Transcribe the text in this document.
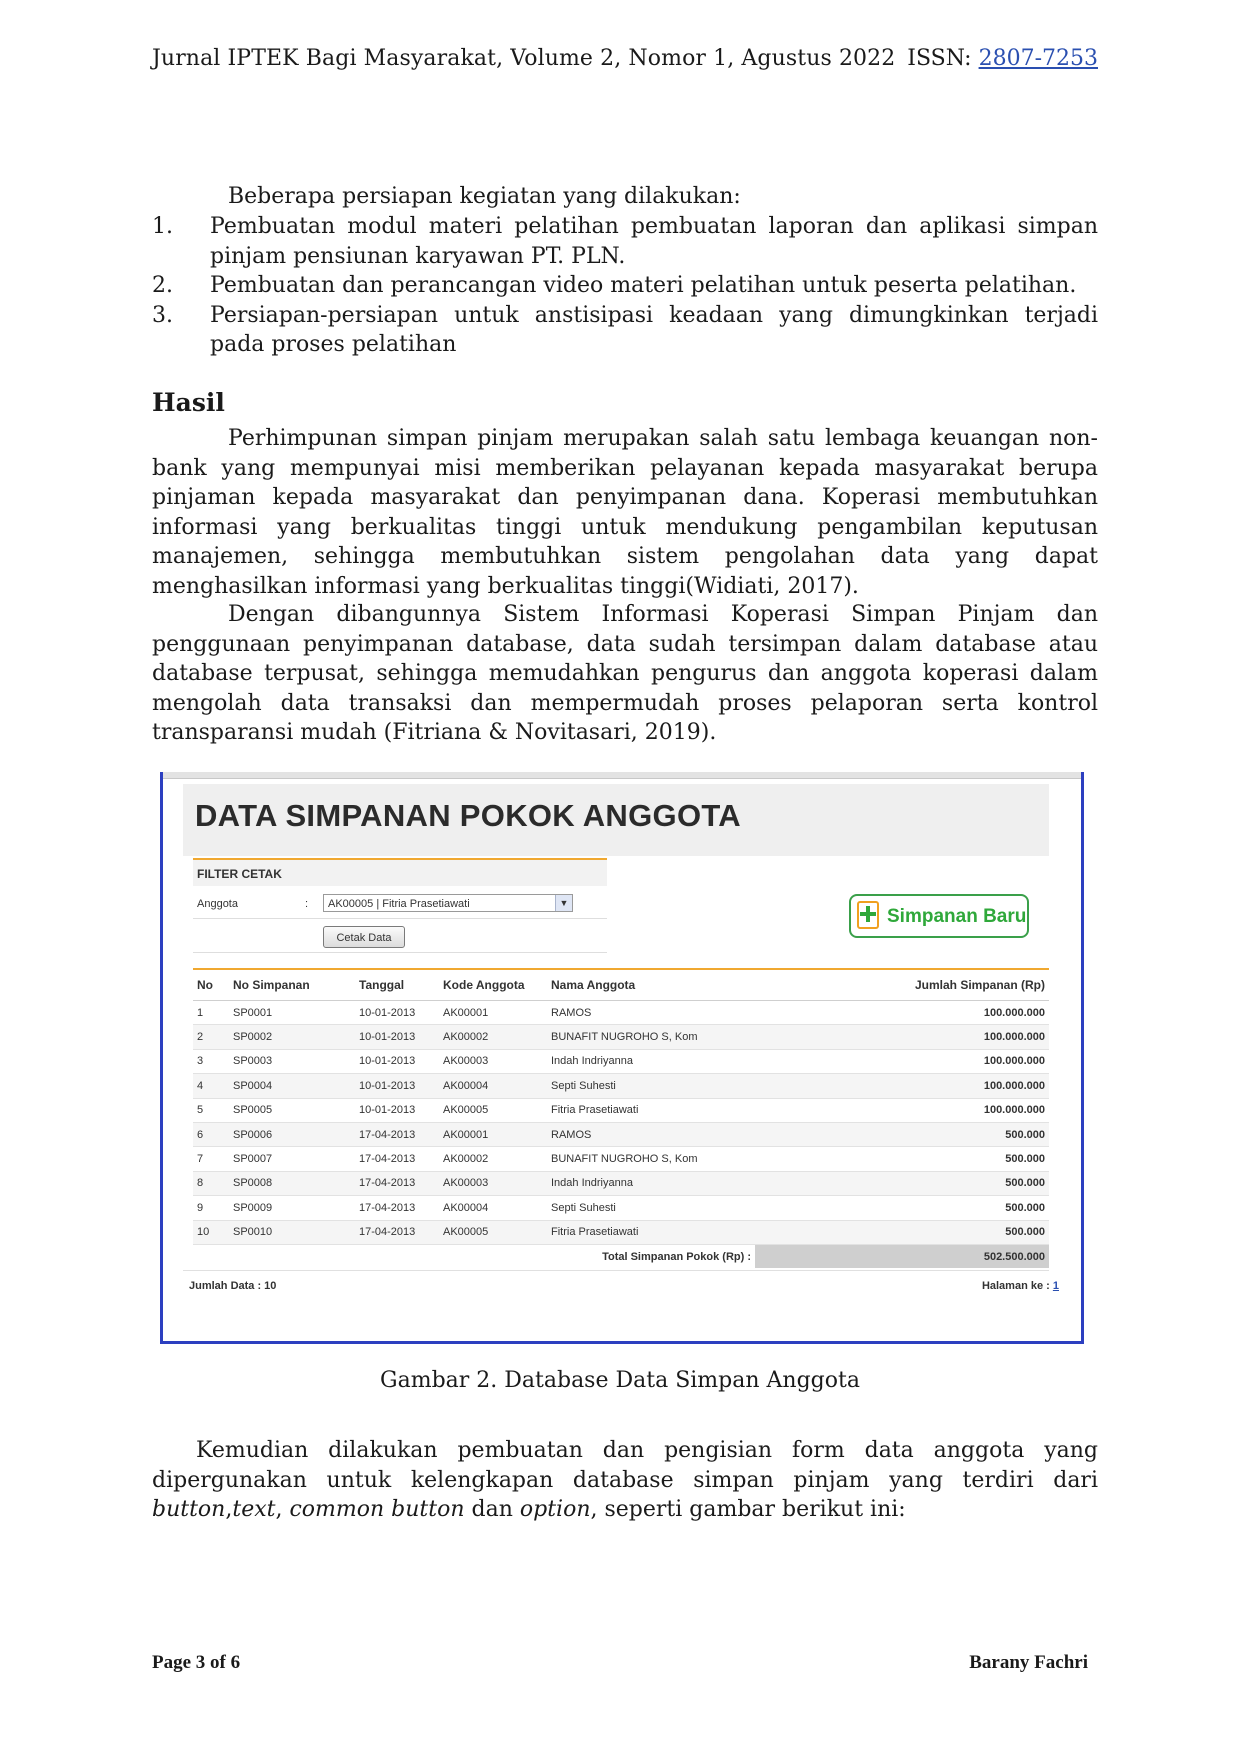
Jurnal IPTEK Bagi Masyarakat, Volume 2, Nomor 1, Agustus 2022 ISSN: 2807-7253
Beberapa persiapan kegiatan yang dilakukan:
1. Pembuatan modul materi pelatihan pembuatan laporan dan aplikasi simpan pinjam pensiunan karyawan PT. PLN.
2. Pembuatan dan perancangan video materi pelatihan untuk peserta pelatihan.
3. Persiapan-persiapan untuk anstisipasi keadaan yang dimungkinkan terjadi pada proses pelatihan
Hasil
Perhimpunan simpan pinjam merupakan salah satu lembaga keuangan non-bank yang mempunyai misi memberikan pelayanan kepada masyarakat berupa pinjaman kepada masyarakat dan penyimpanan dana. Koperasi membutuhkan informasi yang berkualitas tinggi untuk mendukung pengambilan keputusan manajemen, sehingga membutuhkan sistem pengolahan data yang dapat menghasilkan informasi yang berkualitas tinggi(Widiati, 2017).
Dengan dibangunnya Sistem Informasi Koperasi Simpan Pinjam dan penggunaan penyimpanan database, data sudah tersimpan dalam database atau database terpusat, sehingga memudahkan pengurus dan anggota koperasi dalam mengolah data transaksi dan mempermudah proses pelaporan serta kontrol transparansi mudah (Fitriana & Novitasari, 2019).
DATA SIMPANAN POKOK ANGGOTA
FILTER CETAK
Anggota	:	AK00005 | Fitria Prasetiawati	▼
Cetak Data
Simpanan Baru
No	No Simpanan	Tanggal	Kode Anggota	Nama Anggota	Jumlah Simpanan (Rp)
1	SP0001	10-01-2013	AK00001	RAMOS	100.000.000
2	SP0002	10-01-2013	AK00002	BUNAFIT NUGROHO S, Kom	100.000.000
3	SP0003	10-01-2013	AK00003	Indah Indriyanna	100.000.000
4	SP0004	10-01-2013	AK00004	Septi Suhesti	100.000.000
5	SP0005	10-01-2013	AK00005	Fitria Prasetiawati	100.000.000
6	SP0006	17-04-2013	AK00001	RAMOS	500.000
7	SP0007	17-04-2013	AK00002	BUNAFIT NUGROHO S, Kom	500.000
8	SP0008	17-04-2013	AK00003	Indah Indriyanna	500.000
9	SP0009	17-04-2013	AK00004	Septi Suhesti	500.000
10	SP0010	17-04-2013	AK00005	Fitria Prasetiawati	500.000
Total Simpanan Pokok (Rp) :					502.500.000
Jumlah Data : 10	Halaman ke : 1
Gambar 2. Database Data Simpan Anggota
Kemudian dilakukan pembuatan dan pengisian form data anggota yang dipergunakan untuk kelengkapan database simpan pinjam yang terdiri dari button,text, common button dan option, seperti gambar berikut ini:
Page 3 of 6	Barany Fachri
